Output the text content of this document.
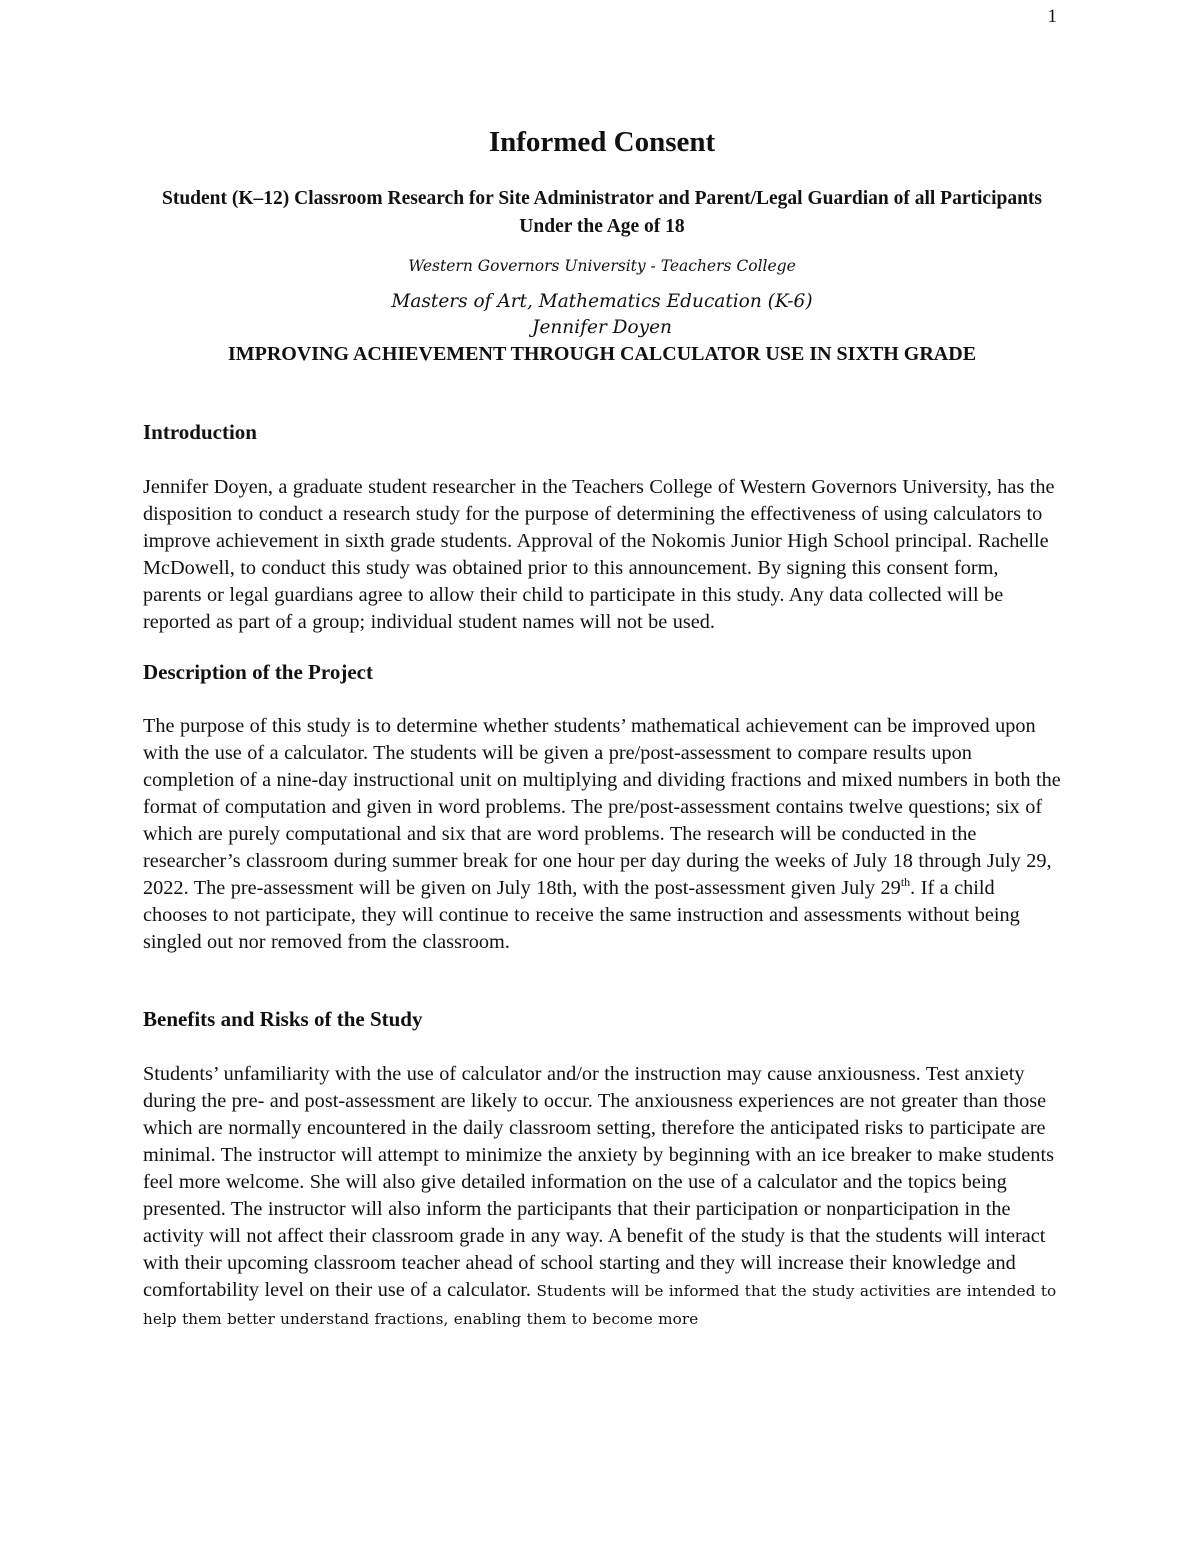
1
Informed Consent

Student (K–12) Classroom Research for Site Administrator and Parent/Legal Guardian of all Participants Under the Age of 18

Western Governors University - Teachers College

Masters of Art, Mathematics Education (K-6)

Jennifer Doyen

IMPROVING ACHIEVEMENT THROUGH CALCULATOR USE IN SIXTH GRADE

Introduction

Jennifer Doyen, a graduate student researcher in the Teachers College of Western Governors University, has the disposition to conduct a research study for the purpose of determining the effectiveness of using calculators to improve achievement in sixth grade students. Approval of the Nokomis Junior High School principal. Rachelle McDowell, to conduct this study was obtained prior to this announcement. By signing this consent form, parents or legal guardians agree to allow their child to participate in this study. Any data collected will be reported as part of a group; individual student names will not be used.

Description of the Project

The purpose of this study is to determine whether students’ mathematical achievement can be improved upon with the use of a calculator. The students will be given a pre/post-assessment to compare results upon completion of a nine-day instructional unit on multiplying and dividing fractions and mixed numbers in both the format of computation and given in word problems. The pre/post-assessment contains twelve questions; six of which are purely computational and six that are word problems. The research will be conducted in the researcher’s classroom during summer break for one hour per day during the weeks of July 18 through July 29, 2022. The pre-assessment will be given on July 18th, with the post-assessment given July 29th. If a child chooses to not participate, they will continue to receive the same instruction and assessments without being singled out nor removed from the classroom.

Benefits and Risks of the Study

Students’ unfamiliarity with the use of calculator and/or the instruction may cause anxiousness. Test anxiety during the pre- and post-assessment are likely to occur. The anxiousness experiences are not greater than those which are normally encountered in the daily classroom setting, therefore the anticipated risks to participate are minimal. The instructor will attempt to minimize the anxiety by beginning with an ice breaker to make students feel more welcome. She will also give detailed information on the use of a calculator and the topics being presented. The instructor will also inform the participants that their participation or nonparticipation in the activity will not affect their classroom grade in any way. A benefit of the study is that the students will interact with their upcoming classroom teacher ahead of school starting and they will increase their knowledge and comfortability level on their use of a calculator. Students will be informed that the study activities are intended to help them better understand fractions, enabling them to become more
